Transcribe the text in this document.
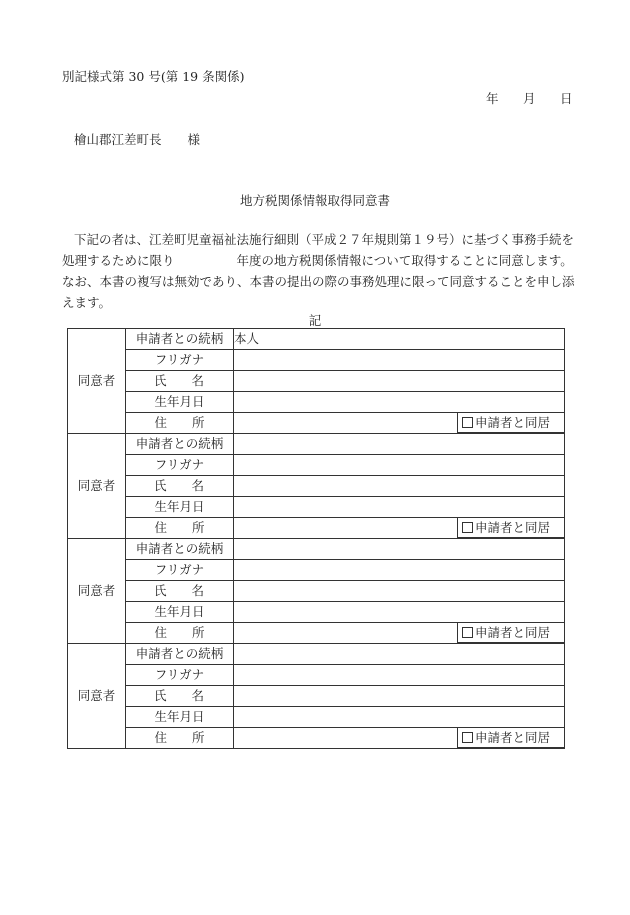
別記様式第 30 号(第 19 条関係)
年 月 日
檜山郡江差町長 様
地方税関係情報取得同意書
下記の者は、江差町児童福祉法施行細則（平成２７年規則第１９号）に基づく事務手続を処理するために限り	年度の地方税関係情報について取得することに同意します。なお、本書の複写は無効であり、本書の提出の際の事務処理に限って同意することを申し添えます。
記
同意者	申請者との続柄	本人
	フリガナ	
	氏　　名	
	生年月日	
	住　　所	申請者と同居

同意者	申請者との続柄	
	フリガナ	
	氏　　名	
	生年月日	
	住　　所	申請者と同居

同意者	申請者との続柄	
	フリガナ	
	氏　　名	
	生年月日	
	住　　所	申請者と同居

同意者	申請者との続柄	
	フリガナ	
	氏　　名	
	生年月日	
	住　　所	申請者と同居
